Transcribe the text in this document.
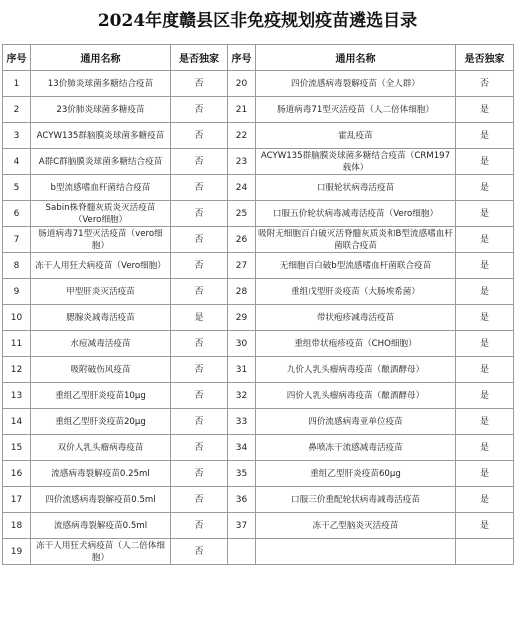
2024年度赣县区非免疫规划疫苗遴选目录
序号	通用名称	是否独家	序号	通用名称	是否独家
1	13价肺炎球菌多糖结合疫苗	否	20	四价流感病毒裂解疫苗（全人群）	否
2	23价肺炎球菌多糖疫苗	否	21	肠道病毒71型灭活疫苗（人二倍体细胞）	是
3	ACYW135群脑膜炎球菌多糖疫苗	否	22	霍乱疫苗	是
4	A群C群脑膜炎球菌多糖结合疫苗	否	23	ACYW135群脑膜炎球菌多糖结合疫苗（CRM197载体）	是
5	b型流感嗜血杆菌结合疫苗	否	24	口服轮状病毒活疫苗	是
6	Sabin株脊髓灰质炎灭活疫苗（Vero细胞）	否	25	口服五价轮状病毒减毒活疫苗（Vero细胞）	是
7	肠道病毒71型灭活疫苗（vero细胞）	否	26	吸附无细胞百白破灭活脊髓灰质炎和B型流感嗜血杆菌联合疫苗	是
8	冻干人用狂犬病疫苗（Vero细胞）	否	27	无细胞百白破b型流感嗜血杆菌联合疫苗	是
9	甲型肝炎灭活疫苗	否	28	重组戊型肝炎疫苗（大肠埃希菌）	是
10	腮腺炎减毒活疫苗	是	29	带状疱疹减毒活疫苗	是
11	水痘减毒活疫苗	否	30	重组带状疱疹疫苗（CHO细胞）	是
12	吸附破伤风疫苗	否	31	九价人乳头瘤病毒疫苗（酿酒酵母）	是
13	重组乙型肝炎疫苗10μg	否	32	四价人乳头瘤病毒疫苗（酿酒酵母）	是
14	重组乙型肝炎疫苗20μg	否	33	四价流感病毒亚单位疫苗	是
15	双价人乳头瘤病毒疫苗	否	34	鼻喷冻干流感减毒活疫苗	是
16	流感病毒裂解疫苗0.25ml	否	35	重组乙型肝炎疫苗60μg	是
17	四价流感病毒裂解疫苗0.5ml	否	36	口服三价重配轮状病毒减毒活疫苗	是
18	流感病毒裂解疫苗0.5ml	否	37	冻干乙型脑炎灭活疫苗	是
19	冻干人用狂犬病疫苗（人二倍体细胞）	否			
